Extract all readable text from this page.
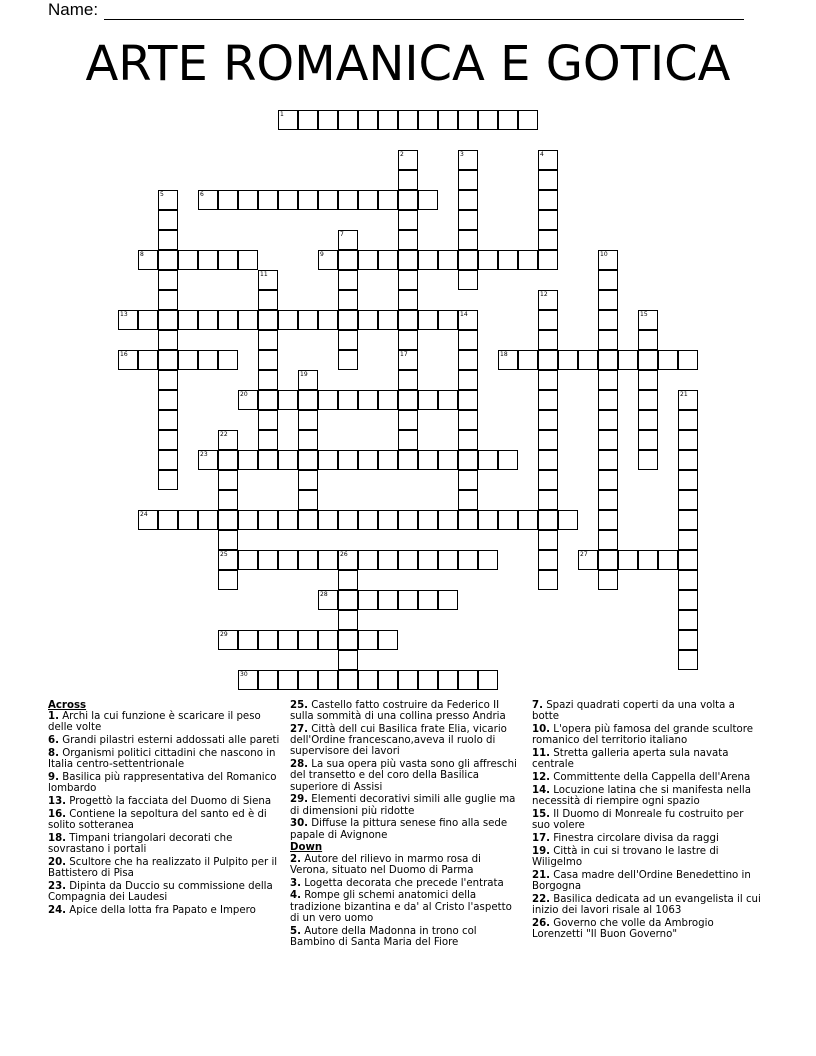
Name:
ARTE ROMANICA E GOTICA
1
2
17
3	4
5	6
7
8	9	10
11
12
13	14	15
16	18
19
20	21
22
25
23
24
26	27
28
29
30
Across
1. Archi la cui funzione è scaricare il peso delle volte
6. Grandi pilastri esterni addossati alle pareti
8. Organismi politici cittadini che nascono in Italia centro-settentrionale
9. Basilica più rappresentativa del Romanico lombardo
13. Progettò la facciata del Duomo di Siena
16. Contiene la sepoltura del santo ed è di solito sotteranea
18. Timpani triangolari decorati che sovrastano i portali
20. Scultore che ha realizzato il Pulpito per il Battistero di Pisa
23. Dipinta da Duccio su commissione della Compagnia dei Laudesi
24. Apice della lotta fra Papato e Impero
25. Castello fatto costruire da Federico II sulla sommità di una collina presso Andria
27. Città dell cui Basilica frate Elia, vicario dell'Ordine francescano,aveva il ruolo di supervisore dei lavori
28. La sua opera più vasta sono gli affreschi del transetto e del coro della Basilica superiore di Assisi
29. Elementi decorativi simili alle guglie ma di dimensioni più ridotte
30. Diffuse la pittura senese fino alla sede papale di Avignone
Down
2. Autore del rilievo in marmo rosa di Verona, situato nel Duomo di Parma
3. Logetta decorata che precede l'entrata
4. Rompe gli schemi anatomici della tradizione bizantina e da' al Cristo l'aspetto di un vero uomo
5. Autore della Madonna in trono col Bambino di Santa Maria del Fiore
7. Spazi quadrati coperti da una volta a botte
10. L'opera più famosa del grande scultore romanico del territorio italiano
11. Stretta galleria aperta sula navata centrale
12. Committente della Cappella dell'Arena
14. Locuzione latina che si manifesta nella necessità di riempire ogni spazio
15. Il Duomo di Monreale fu costruito per suo volere
17. Finestra circolare divisa da raggi
19. Città in cui si trovano le lastre di Wiligelmo
21. Casa madre dell'Ordine Benedettino in Borgogna
22. Basilica dedicata ad un evangelista il cui inizio dei lavori risale al 1063
26. Governo che volle da Ambrogio Lorenzetti "Il Buon Governo"
